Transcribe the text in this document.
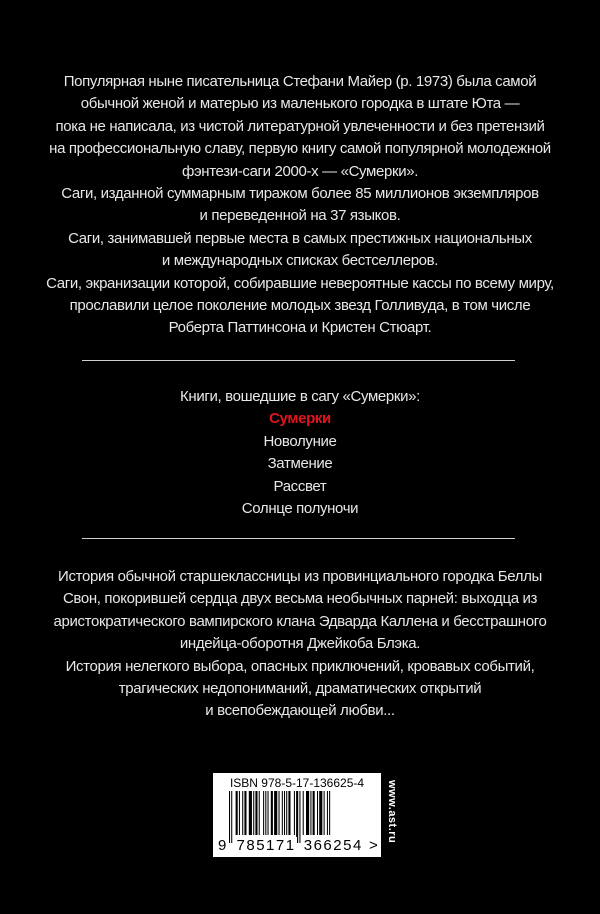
Популярная ныне писательница Стефани Майер (р. 1973) была самой
обычной женой и матерью из маленького городка в штате Юта —
пока не написала, из чистой литературной увлеченности и без претензий
на профессиональную славу, первую книгу самой популярной молодежной
фэнтези-саги 2000-х — «Сумерки».
Саги, изданной суммарным тиражом более 85 миллионов экземпляров
и переведенной на 37 языков.
Саги, занимавшей первые места в самых престижных национальных
и международных списках бестселлеров.
Саги, экранизации которой, собиравшие невероятные кассы по всему миру,
прославили целое поколение молодых звезд Голливуда, в том числе
Роберта Паттинсона и Кристен Стюарт.
Книги, вошедшие в сагу «Сумерки»:
Сумерки
Новолуние
Затмение
Рассвет
Солнце полуночи
История обычной старшеклассницы из провинциального городка Беллы
Свон, покорившей сердца двух весьма необычных парней: выходца из
аристократического вампирского клана Эдварда Каллена и бесстрашного
индейца-оборотня Джейкоба Блэка.
История нелегкого выбора, опасных приключений, кровавых событий,
трагических недопониманий, драматических открытий
и всепобеждающей любви...
ISBN 978-5-17-136625-4
9 785171 366254 >
www.ast.ru
